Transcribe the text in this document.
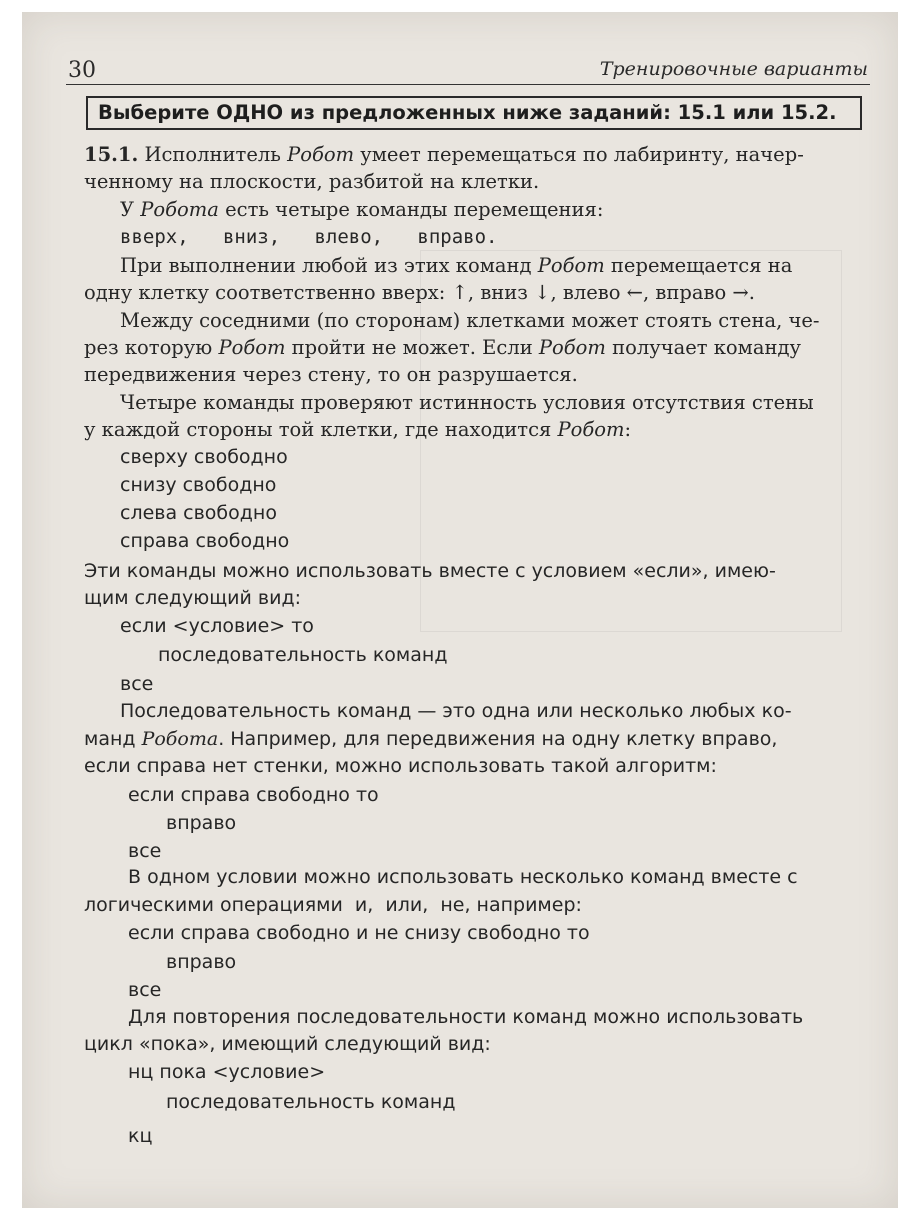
30	Тренировочные варианты
Выберите ОДНО из предложенных ниже заданий: 15.1 или 15.2.
15.1. Исполнитель Робот умеет перемещаться по лабиринту, начер-
ченному на плоскости, разбитой на клетки.
У Робота есть четыре команды перемещения:
вверх,   вниз,   влево,   вправо.
При выполнении любой из этих команд Робот перемещается на
одну клетку соответственно вверх: ↑, вниз ↓, влево ←, вправо →.
Между соседними (по сторонам) клетками может стоять стена, че-
рез которую Робот пройти не может. Если Робот получает команду
передвижения через стену, то он разрушается.
Четыре команды проверяют истинность условия отсутствия стены
у каждой стороны той клетки, где находится Робот:
сверху свободно
снизу свободно
слева свободно
справа свободно
Эти команды можно использовать вместе с условием «если», имею-
щим следующий вид:
если <условие> то
последовательность команд
все
Последовательность команд — это одна или несколько любых ко-
манд Робота. Например, для передвижения на одну клетку вправо,
если справа нет стенки, можно использовать такой алгоритм:
если справа свободно то
вправо
все
В одном условии можно использовать несколько команд вместе с
логическими операциями  и,  или,  не, например:
если справа свободно и не снизу свободно то
вправо
все
Для повторения последовательности команд можно использовать
цикл «пока», имеющий следующий вид:
нц пока <условие>
последовательность команд
кц
